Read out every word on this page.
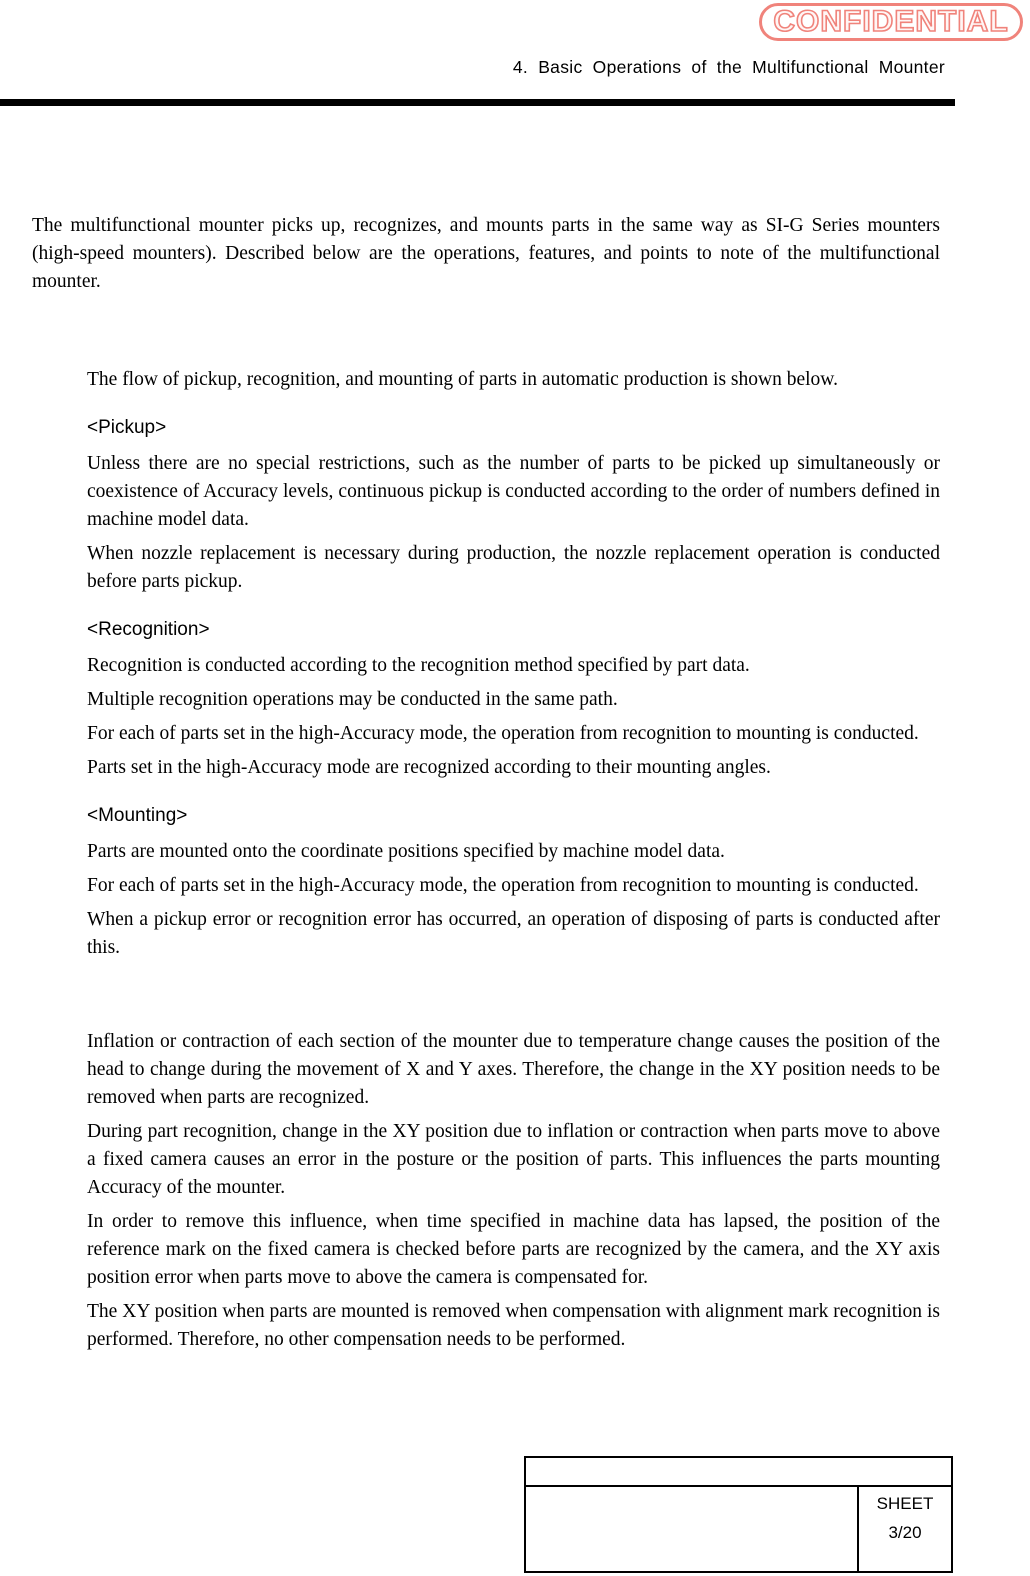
CONFIDENTIAL
4. Basic Operations of the Multifunctional Mounter
The multifunctional mounter picks up, recognizes, and mounts parts in the same way as SI-G Series mounters (high-speed mounters). Described below are the operations, features, and points to note of the multifunctional mounter.

The flow of pickup, recognition, and mounting of parts in automatic production is shown below.

<Pickup>

Unless there are no special restrictions, such as the number of parts to be picked up simultaneously or coexistence of Accuracy levels, continuous pickup is conducted according to the order of numbers defined in machine model data.

When nozzle replacement is necessary during production, the nozzle replacement operation is conducted before parts pickup.

<Recognition>

Recognition is conducted according to the recognition method specified by part data.

Multiple recognition operations may be conducted in the same path.

For each of parts set in the high-Accuracy mode, the operation from recognition to mounting is conducted.

Parts set in the high-Accuracy mode are recognized according to their mounting angles.

<Mounting>

Parts are mounted onto the coordinate positions specified by machine model data.

For each of parts set in the high-Accuracy mode, the operation from recognition to mounting is conducted.

When a pickup error or recognition error has occurred, an operation of disposing of parts is conducted after this.

Inflation or contraction of each section of the mounter due to temperature change causes the position of the head to change during the movement of X and Y axes. Therefore, the change in the XY position needs to be removed when parts are recognized.

During part recognition, change in the XY position due to inflation or contraction when parts move to above a fixed camera causes an error in the posture or the position of parts. This influences the parts mounting Accuracy of the mounter.

In order to remove this influence, when time specified in machine data has lapsed, the position of the reference mark on the fixed camera is checked before parts are recognized by the camera, and the XY axis position error when parts move to above the camera is compensated for.

The XY position when parts are mounted is removed when compensation with alignment mark recognition is performed. Therefore, no other compensation needs to be performed.

SHEET
3/20
